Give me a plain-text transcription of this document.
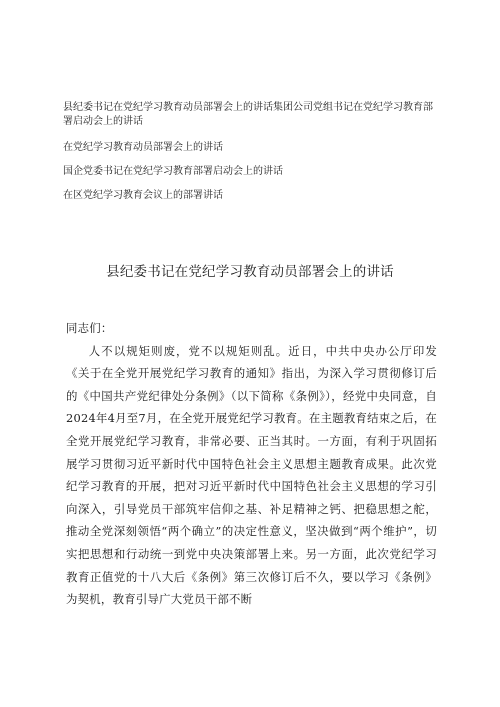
县纪委书记在党纪学习教育动员部署会上的讲话集团公司党组书记在党纪学习教育部署启动会上的讲话
在党纪学习教育动员部署会上的讲话
国企党委书记在党纪学习教育部署启动会上的讲话
在区党纪学习教育会议上的部署讲话
县纪委书记在党纪学习教育动员部署会上的讲话

同志们：

人不以规矩则废，党不以规矩则乱。近日，中共中央办公厅印发《关于在全党开展党纪学习教育的通知》指出，为深入学习贯彻修订后的《中国共产党纪律处分条例》（以下简称《条例》），经党中央同意，自2024年4月至7月，在全党开展党纪学习教育。在主题教育结束之后，在全党开展党纪学习教育，非常必要、正当其时。一方面，有利于巩固拓展学习贯彻习近平新时代中国特色社会主义思想主题教育成果。此次党纪学习教育的开展，把对习近平新时代中国特色社会主义思想的学习引向深入，引导党员干部筑牢信仰之基、补足精神之钙、把稳思想之舵，推动全党深刻领悟“两个确立”的决定性意义，坚决做到“两个维护”，切实把思想和行动统一到党中央决策部署上来。另一方面，此次党纪学习教育正值党的十八大后《条例》第三次修订后不久，要以学习《条例》为契机，教育引导广大党员干部不断
